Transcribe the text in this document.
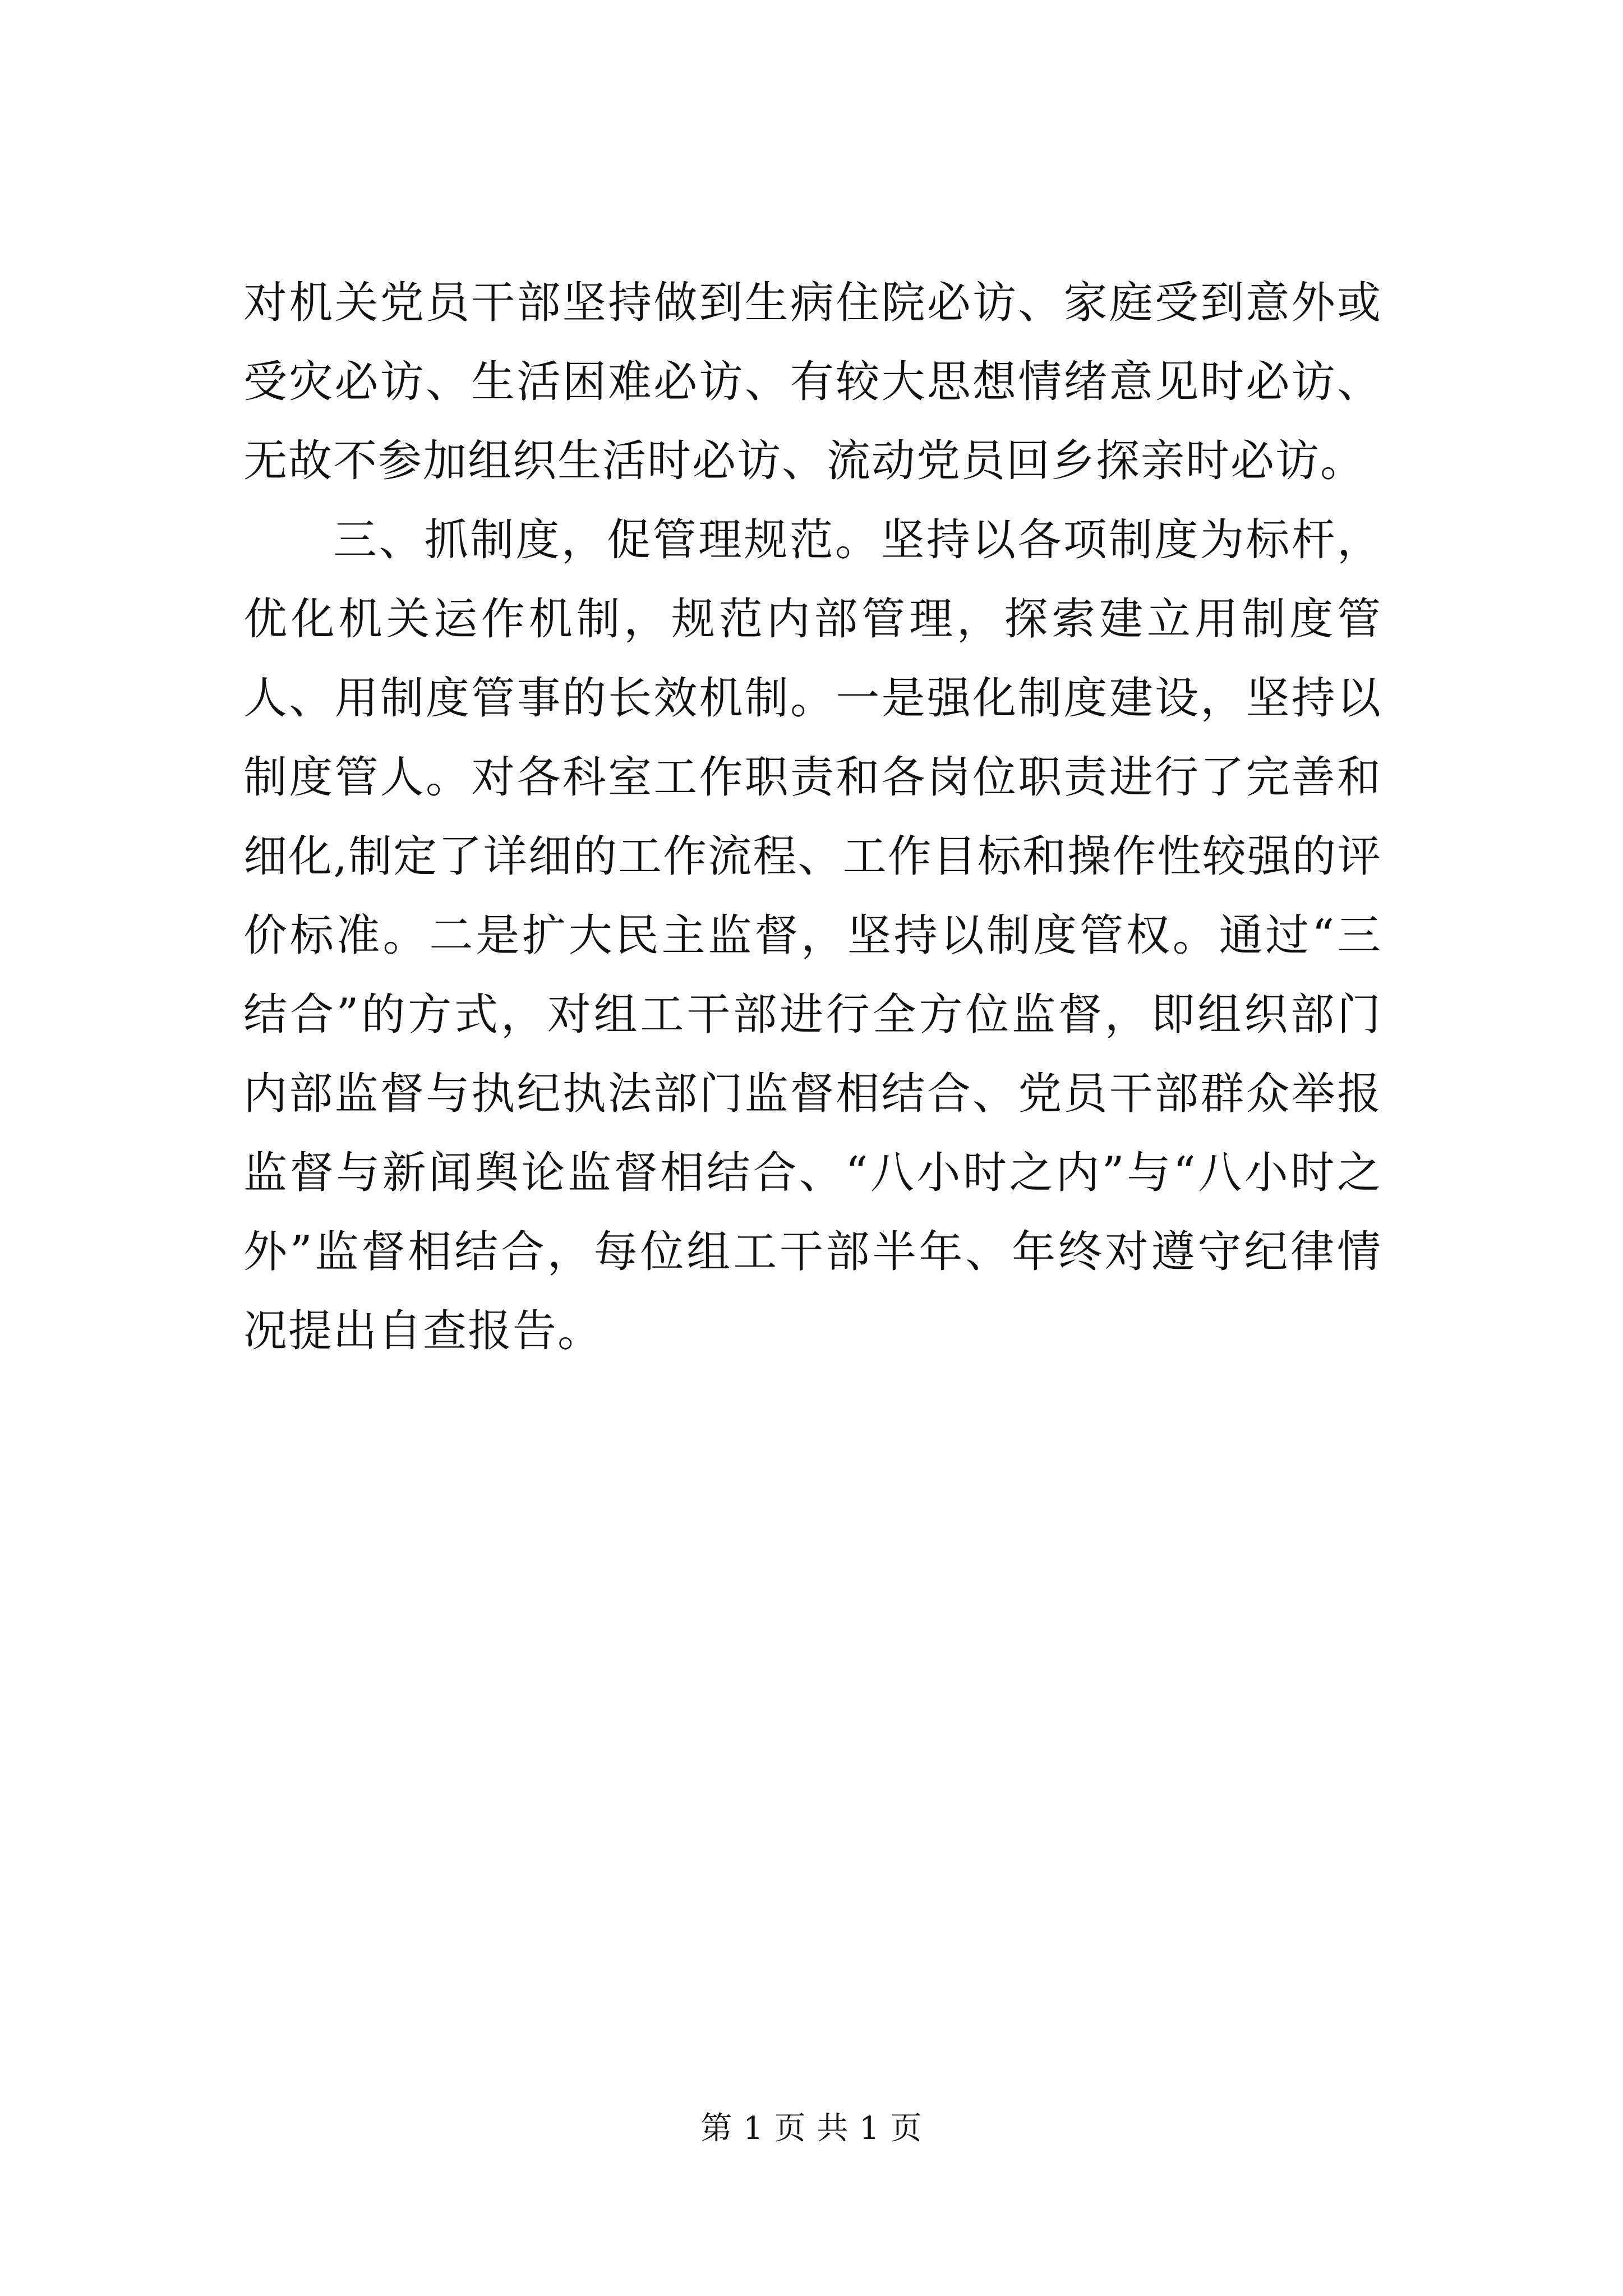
对机关党员干部坚持做到生病住院必访、家庭受到意外或受灾必访、生活困难必访、有较大思想情绪意见时必访、无故不参加组织生活时必访、流动党员回乡探亲时必访。

三、抓制度，促管理规范。坚持以各项制度为标杆，优化机关运作机制，规范内部管理，探索建立用制度管人、用制度管事的长效机制。一是强化制度建设，坚持以制度管人。对各科室工作职责和各岗位职责进行了完善和细化,制定了详细的工作流程、工作目标和操作性较强的评价标准。二是扩大民主监督，坚持以制度管权。通过“三结合”的方式，对组工干部进行全方位监督，即组织部门内部监督与执纪执法部门监督相结合、党员干部群众举报监督与新闻舆论监督相结合、“八小时之内”与“八小时之外”监督相结合，每位组工干部半年、年终对遵守纪律情况提出自查报告。

第 1 页 共 1 页
